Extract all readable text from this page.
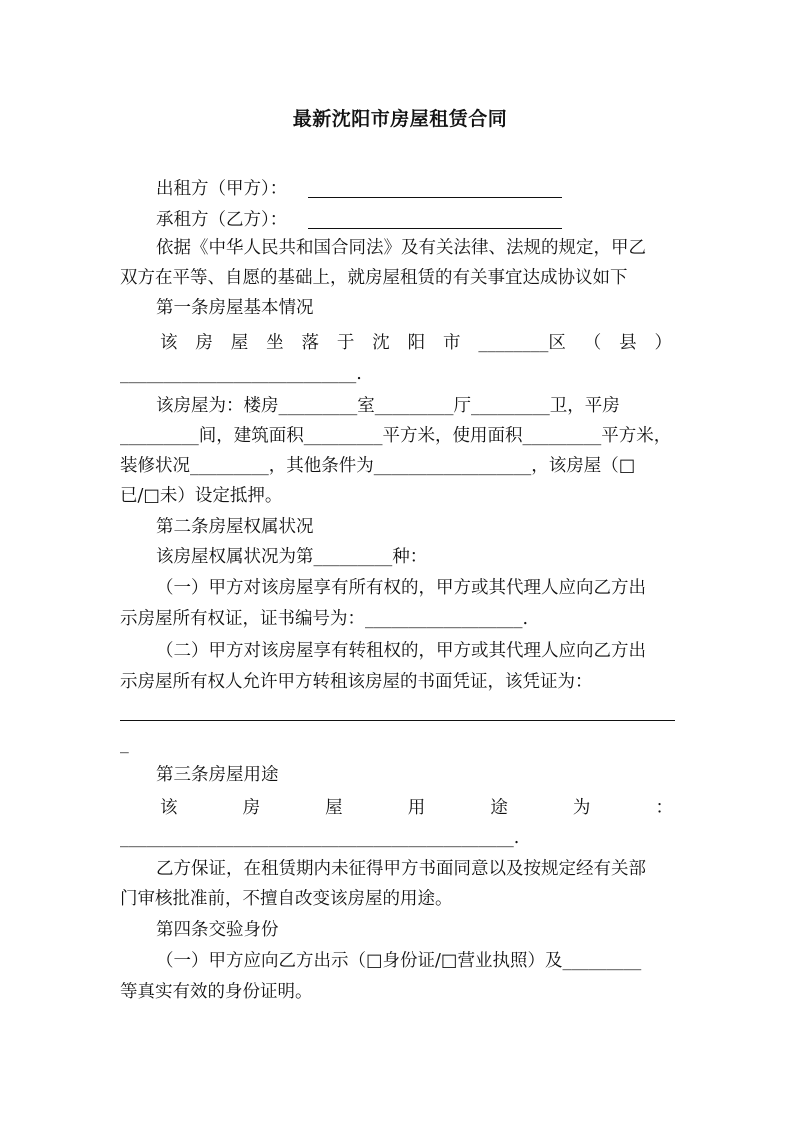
最新沈阳市房屋租赁合同
出租方（甲方）：
承租方（乙方）：
依据《中华人民共和国合同法》及有关法律、法规的规定，甲乙
双方在平等、自愿的基础上，就房屋租赁的有关事宜达成协议如下
第一条房屋基本情况
该 房 屋 坐 落 于 沈 阳 市 ________区 （ 县 ）
___________________________.
该房屋为：楼房_________室_________厅_________卫，平房
_________间，建筑面积_________平方米，使用面积_________平方米，
装修状况_________，其他条件为__________________，该房屋（□
已/□未）设定抵押。
第二条房屋权属状况
该房屋权属状况为第_________种：
（一）甲方对该房屋享有所有权的，甲方或其代理人应向乙方出
示房屋所有权证，证书编号为：__________________.
（二）甲方对该房屋享有转租权的，甲方或其代理人应向乙方出
示房屋所有权人允许甲方转租该房屋的书面凭证，该凭证为：
_
第三条房屋用途
该	房	屋	用	途	为	：
_____________________________________________.
乙方保证，在租赁期内未征得甲方书面同意以及按规定经有关部
门审核批准前，不擅自改变该房屋的用途。
第四条交验身份
（一）甲方应向乙方出示（□身份证/□营业执照）及_________
等真实有效的身份证明。
